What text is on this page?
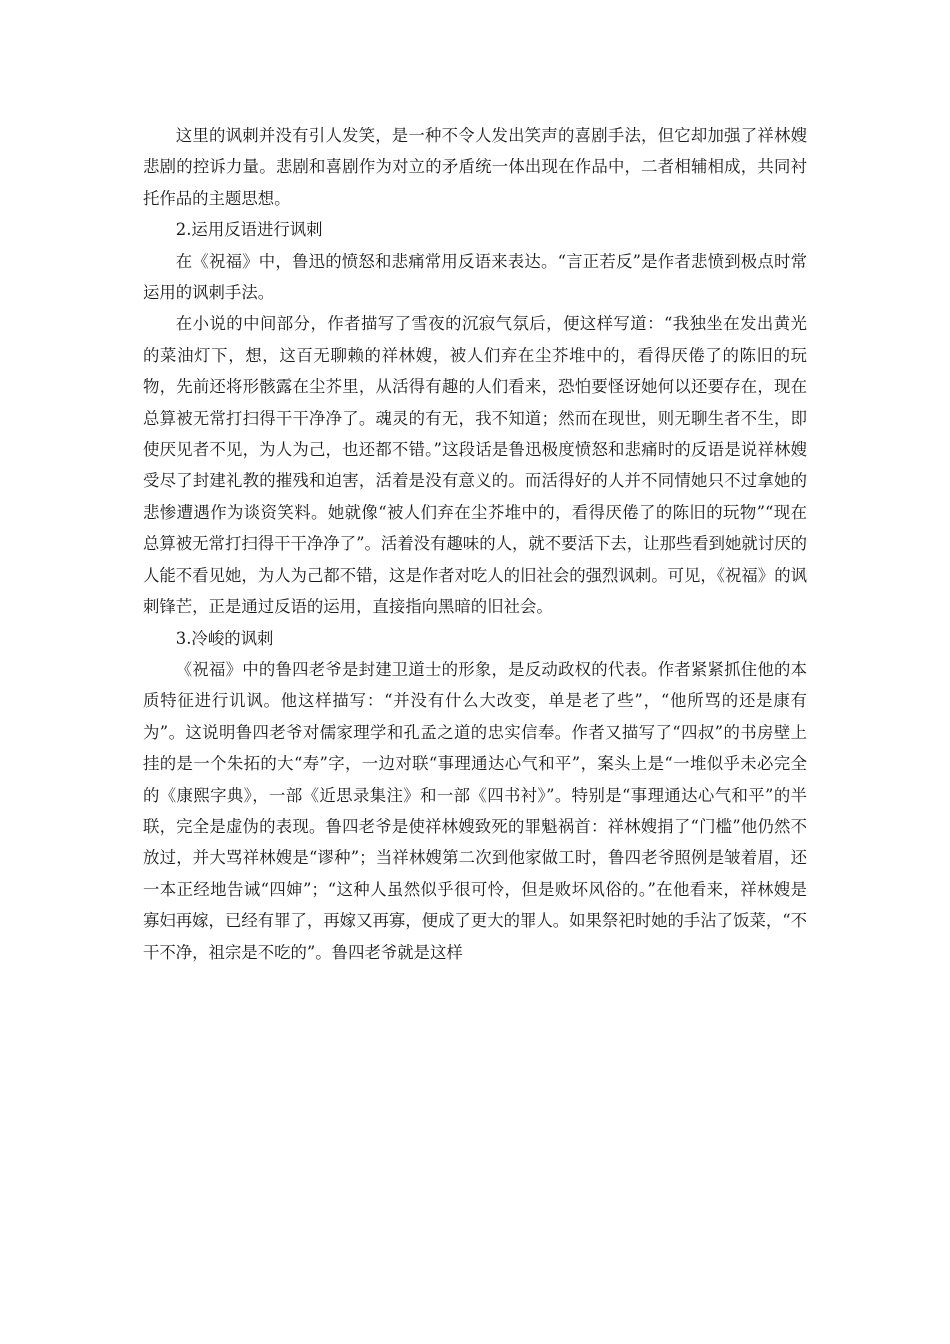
这里的讽刺并没有引人发笑，是一种不令人发出笑声的喜剧手法，但它却加强了祥林嫂悲剧的控诉力量。悲剧和喜剧作为对立的矛盾统一体出现在作品中，二者相辅相成，共同衬托作品的主题思想。

2.运用反语进行讽刺

在《祝福》中，鲁迅的愤怒和悲痛常用反语来表达。“言正若反”是作者悲愤到极点时常运用的讽刺手法。

在小说的中间部分，作者描写了雪夜的沉寂气氛后，便这样写道：“我独坐在发出黄光的菜油灯下，想，这百无聊赖的祥林嫂，被人们弃在尘芥堆中的，看得厌倦了的陈旧的玩物，先前还将形骸露在尘芥里，从活得有趣的人们看来，恐怕要怪讶她何以还要存在，现在总算被无常打扫得干干净净了。魂灵的有无，我不知道；然而在现世，则无聊生者不生，即使厌见者不见，为人为己，也还都不错。”这段话是鲁迅极度愤怒和悲痛时的反语是说祥林嫂受尽了封建礼教的摧残和迫害，活着是没有意义的。而活得好的人并不同情她只不过拿她的悲惨遭遇作为谈资笑料。她就像“被人们弃在尘芥堆中的，看得厌倦了的陈旧的玩物”“现在总算被无常打扫得干干净净了”。活着没有趣味的人，就不要活下去，让那些看到她就讨厌的人能不看见她，为人为己都不错，这是作者对吃人的旧社会的强烈讽刺。可见，《祝福》的讽刺锋芒，正是通过反语的运用，直接指向黑暗的旧社会。

3.冷峻的讽刺

《祝福》中的鲁四老爷是封建卫道士的形象，是反动政权的代表。作者紧紧抓住他的本质特征进行讥讽。他这样描写：“并没有什么大改变，单是老了些”，“他所骂的还是康有为”。这说明鲁四老爷对儒家理学和孔孟之道的忠实信奉。作者又描写了“四叔”的书房壁上挂的是一个朱拓的大“寿”字，一边对联“事理通达心气和平”，案头上是“一堆似乎未必完全的《康熙字典》，一部《近思录集注》和一部《四书衬》”。特别是“事理通达心气和平”的半联，完全是虚伪的表现。鲁四老爷是使祥林嫂致死的罪魁祸首：祥林嫂捐了“门槛”他仍然不放过，并大骂祥林嫂是“谬种”；当祥林嫂第二次到他家做工时，鲁四老爷照例是皱着眉，还一本正经地告诫“四婶”；“这种人虽然似乎很可怜，但是败坏风俗的。”在他看来，祥林嫂是寡妇再嫁，已经有罪了，再嫁又再寡，便成了更大的罪人。如果祭祀时她的手沾了饭菜，“不干不净，祖宗是不吃的”。鲁四老爷就是这样
